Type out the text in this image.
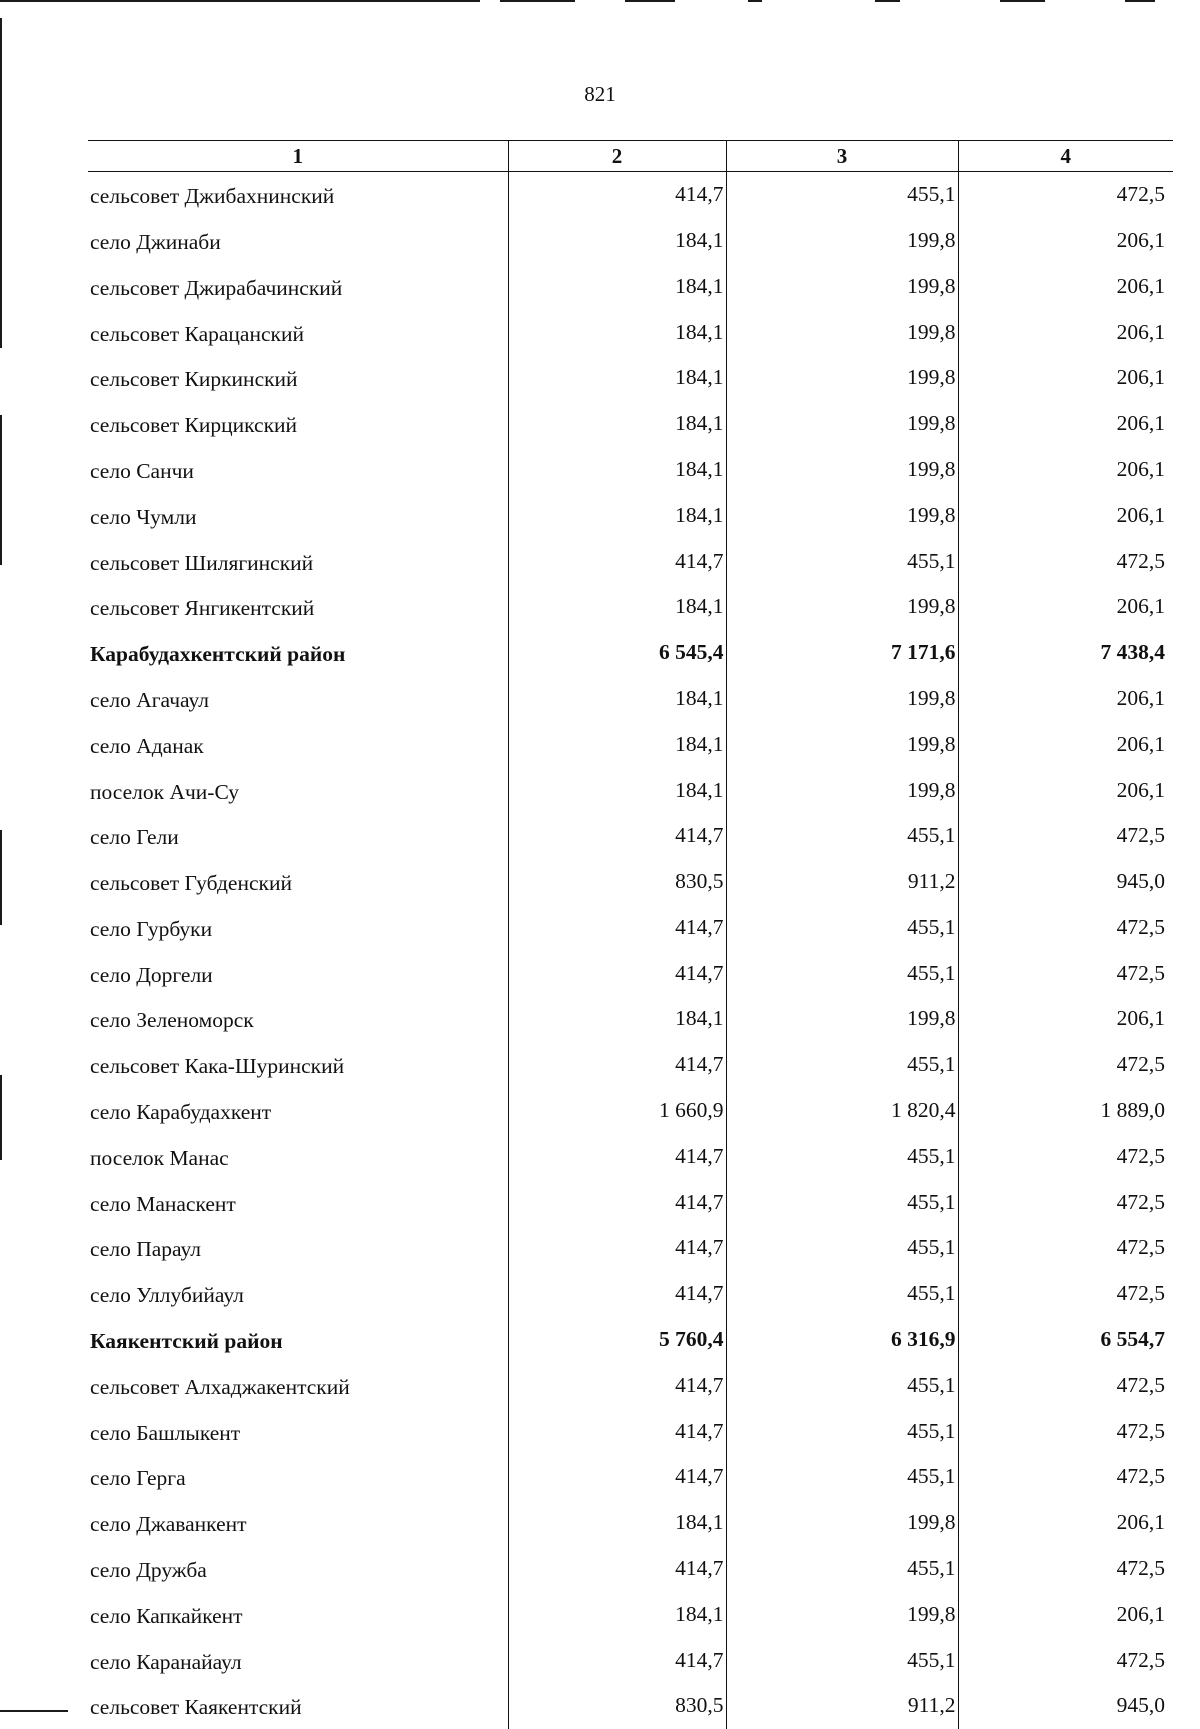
821
1	2	3	4
сельсовет Джибахнинский	414,7	455,1	472,5
село Джинаби	184,1	199,8	206,1
сельсовет Джирабачинский	184,1	199,8	206,1
сельсовет Карацанский	184,1	199,8	206,1
сельсовет Киркинский	184,1	199,8	206,1
сельсовет Кирцикский	184,1	199,8	206,1
село Санчи	184,1	199,8	206,1
село Чумли	184,1	199,8	206,1
сельсовет Шилягинский	414,7	455,1	472,5
сельсовет Янгикентский	184,1	199,8	206,1
Карабудахкентский район	6 545,4	7 171,6	7 438,4
село Агачаул	184,1	199,8	206,1
село Аданак	184,1	199,8	206,1
поселок Ачи-Су	184,1	199,8	206,1
село Гели	414,7	455,1	472,5
сельсовет Губденский	830,5	911,2	945,0
село Гурбуки	414,7	455,1	472,5
село Доргели	414,7	455,1	472,5
село Зеленоморск	184,1	199,8	206,1
сельсовет Кака-Шуринский	414,7	455,1	472,5
село Карабудахкент	1 660,9	1 820,4	1 889,0
поселок Манас	414,7	455,1	472,5
село Манаскент	414,7	455,1	472,5
село Параул	414,7	455,1	472,5
село Уллубийаул	414,7	455,1	472,5
Каякентский район	5 760,4	6 316,9	6 554,7
сельсовет Алхаджакентский	414,7	455,1	472,5
село Башлыкент	414,7	455,1	472,5
село Герга	414,7	455,1	472,5
село Джаванкент	184,1	199,8	206,1
село Дружба	414,7	455,1	472,5
село Капкайкент	184,1	199,8	206,1
село Каранайаул	414,7	455,1	472,5
сельсовет Каякентский	830,5	911,2	945,0
